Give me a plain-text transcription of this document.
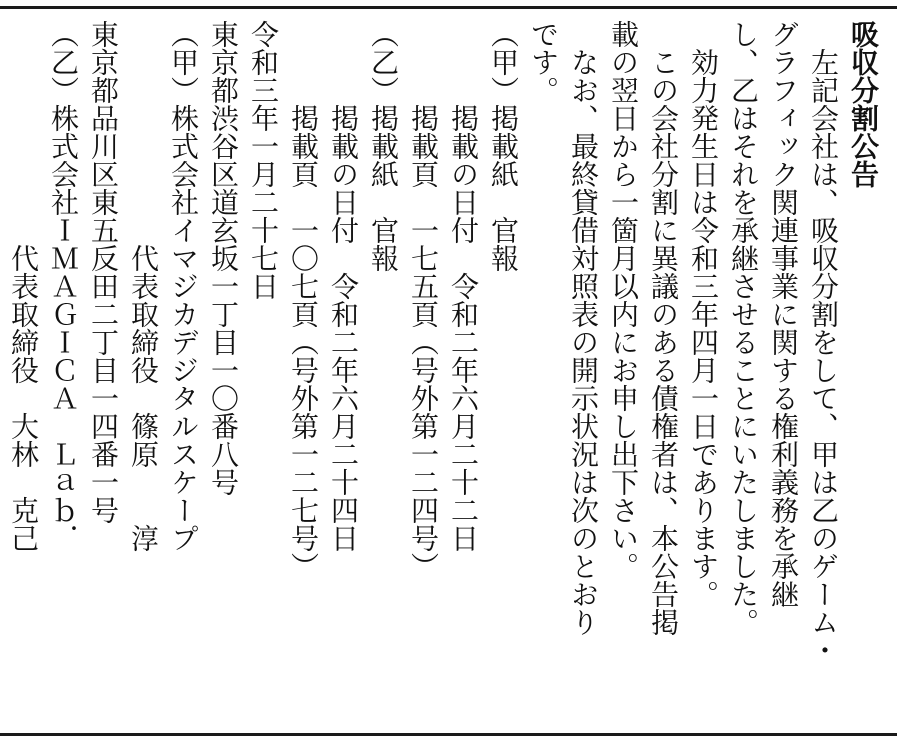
吸収分割公告
　左記会社は、吸収分割をして、甲は乙のゲーム・
グラフィック関連事業に関する権利義務を承継
し、乙はそれを承継させることにいたしました。
　効力発生日は令和三年四月一日であります。
　この会社分割に異議のある債権者は、本公告掲
載の翌日から一箇月以内にお申し出下さい。
　なお、最終貸借対照表の開示状況は次のとおり
です。
（甲）掲載紙　官報
　　　掲載の日付　令和二年六月二十二日
　　　掲載頁　一七五頁（号外第一二四号）
（乙）掲載紙　官報
　　　掲載の日付　令和二年六月二十四日
　　　掲載頁　一〇七頁（号外第一二七号）
令和三年一月二十七日
東京都渋谷区道玄坂一丁目一〇番八号
（甲）株式会社イマジカデジタルスケープ
　　　　　　　　代表取締役　篠原　　淳
東京都品川区東五反田二丁目一四番一号
（乙）株式会社ＩＭＡＧＩＣＡ　Ｌａｂ．
　　　　　　　　代表取締役　大林　克己
